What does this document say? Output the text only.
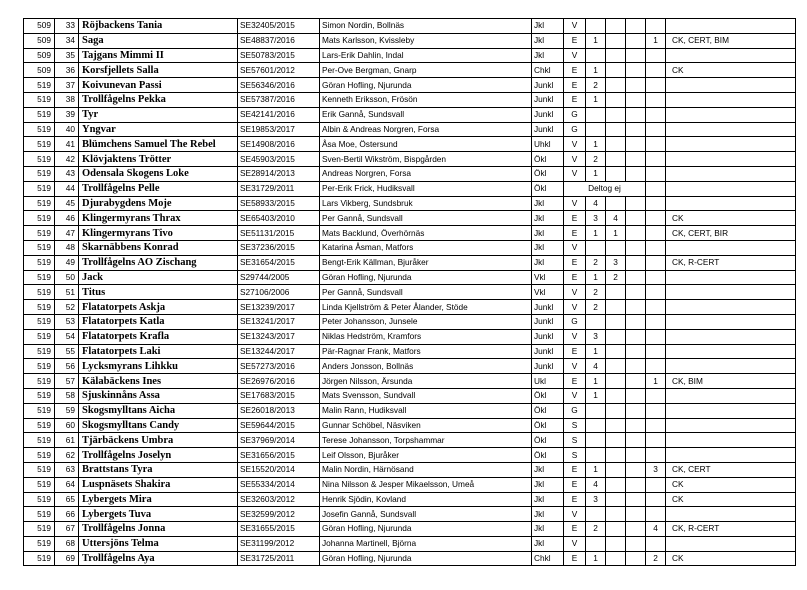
509	33	Röjbackens Tania	SE32405/2015	Simon Nordin, Bollnäs	Jkl	V					
509	34	Saga	SE48837/2016	Mats Karlsson, Kvissleby	Jkl	E	1			1	CK, CERT, BIM
509	35	Tajgans Mimmi II	SE50783/2015	Lars-Erik Dahlin, Indal	Jkl	V					
509	36	Korsfjellets Salla	SE57601/2012	Per-Ove Bergman, Gnarp	Chkl	E	1				CK
519	37	Koivunevan Passi	SE56346/2016	Göran Hofling, Njurunda	Junkl	E	2				
519	38	Trollfågelns Pekka	SE57387/2016	Kenneth Eriksson, Frösön	Junkl	E	1				
519	39	Tyr	SE42141/2016	Erik Gannå, Sundsvall	Junkl	G					
519	40	Yngvar	SE19853/2017	Albin & Andreas Norgren, Forsa	Junkl	G					
519	41	Blümchens Samuel The Rebel	SE14908/2016	Åsa Moe, Östersund	Uhkl	V	1				
519	42	Klövjaktens Trötter	SE45903/2015	Sven-Bertil Wikström, Bispgården	Ökl	V	2				
519	43	Odensala Skogens Loke	SE28914/2013	Andreas Norgren, Forsa	Ökl	V	1				
519	44	Trollfågelns Pelle	SE31729/2011	Per-Erik Frick, Hudiksvall	Ökl	Deltog ej					
519	45	Djurabygdens Moje	SE58933/2015	Lars Vikberg, Sundsbruk	Jkl	V	4				
519	46	Klingermyrans Thrax	SE65403/2010	Per Gannå, Sundsvall	Jkl	E	3	4			CK
519	47	Klingermyrans Tivo	SE51131/2015	Mats Backlund, Överhörnäs	Jkl	E	1	1			CK, CERT, BIR
519	48	Skarnäbbens Konrad	SE37236/2015	Katarina Åsman, Matfors	Jkl	V					
519	49	Trollfågelns AO Zischang	SE31654/2015	Bengt-Erik Källman, Bjuråker	Jkl	E	2	3			CK, R-CERT
519	50	Jack	S29744/2005	Göran Hofling, Njurunda	Vkl	E	1	2			
519	51	Titus	S27106/2006	Per Gannå, Sundsvall	Vkl	V	2				
519	52	Flatatorpets Askja	SE13239/2017	Linda Kjellström & Peter Ålander, Stöde	Junkl	V	2				
519	53	Flatatorpets Katla	SE13241/2017	Peter Johansson, Junsele	Junkl	G					
519	54	Flatatorpets Krafla	SE13243/2017	Niklas Hedström, Kramfors	Junkl	V	3				
519	55	Flatatorpets Laki	SE13244/2017	Pär-Ragnar Frank, Matfors	Junkl	E	1				
519	56	Lycksmyrans Lihkku	SE57273/2016	Anders Jonsson, Bollnäs	Junkl	V	4				
519	57	Kälabäckens Ines	SE26976/2016	Jörgen Nilsson, Ärsunda	Ukl	E	1			1	CK, BIM
519	58	Sjuskinnåns Assa	SE17683/2015	Mats Svensson, Sundvall	Ökl	V	1				
519	59	Skogsmylltans Aicha	SE26018/2013	Malin Rann, Hudiksvall	Ökl	G					
519	60	Skogsmylltans Candy	SE59644/2015	Gunnar Schöbel, Näsviken	Ökl	S					
519	61	Tjärbäckens Umbra	SE37969/2014	Terese Johansson, Torpshammar	Ökl	S					
519	62	Trollfågelns Joselyn	SE31656/2015	Leif Olsson, Bjuråker	Ökl	S					
519	63	Brattstans Tyra	SE15520/2014	Malin Nordin, Härnösand	Jkl	E	1			3	CK, CERT
519	64	Luspnäsets Shakira	SE55334/2014	Nina Nilsson & Jesper Mikaelsson, Umeå	Jkl	E	4				CK
519	65	Lybergets Mira	SE32603/2012	Henrik Sjödin, Kovland	Jkl	E	3				CK
519	66	Lybergets Tuva	SE32599/2012	Josefin Gannå, Sundsvall	Jkl	V					
519	67	Trollfågelns Jonna	SE31655/2015	Göran Hofling, Njurunda	Jkl	E	2			4	CK, R-CERT
519	68	Uttersjöns Telma	SE31199/2012	Johanna Martinell, Björna	Jkl	V					
519	69	Trollfågelns Aya	SE31725/2011	Göran Hofling, Njurunda	Chkl	E	1			2	CK
